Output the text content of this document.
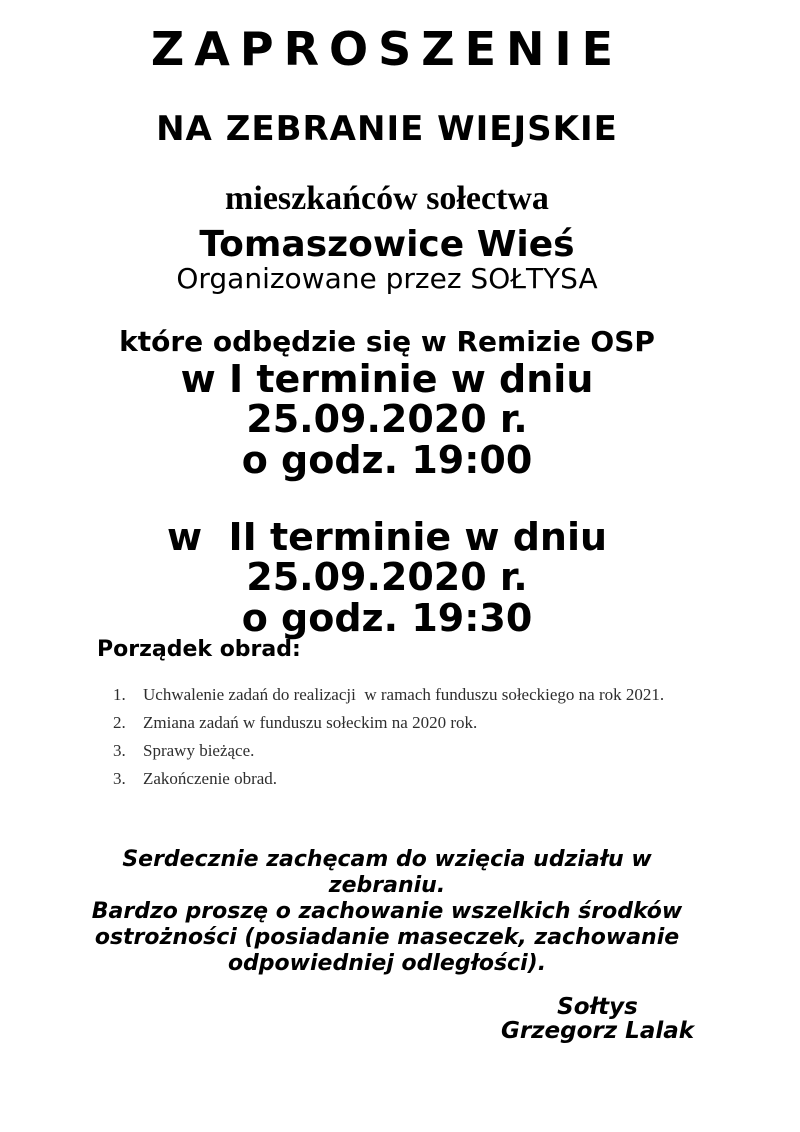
ZAPROSZENIE
NA ZEBRANIE WIEJSKIE
mieszkańców sołectwa
Tomaszowice Wieś
Organizowane przez SOŁTYSA
które odbędzie się w Remizie OSP
w I terminie w dniu
25.09.2020 r.
o godz. 19:00
w  II terminie w dniu
25.09.2020 r.
o godz. 19:30
Porządek obrad:
1.	Uchwalenie zadań do realizacji  w ramach funduszu sołeckiego na rok 2021.
2.	Zmiana zadań w funduszu sołeckim na 2020 rok.
3.	Sprawy bieżące.
3.	Zakończenie obrad.

Serdecznie zachęcam do wzięcia udziału w zebraniu.

Bardzo proszę o zachowanie wszelkich środków ostrożności (posiadanie maseczek, zachowanie odpowiedniej odległości).

Sołtys
Grzegorz Lalak
